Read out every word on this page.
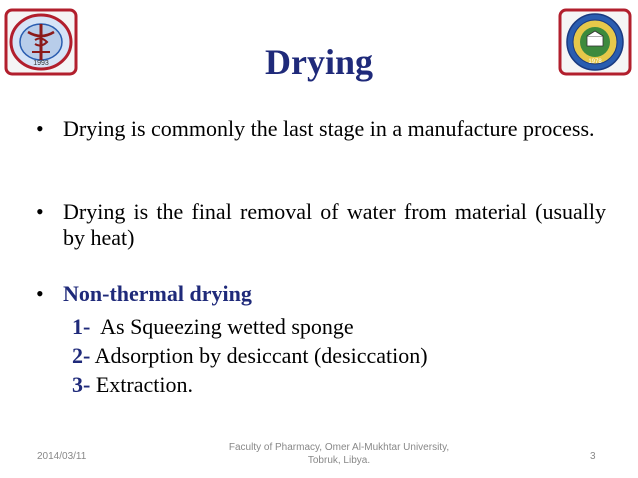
1993	1978
Drying
• Drying is commonly the last stage in a manufacture process.
• Drying is the final removal of water from material (usually by heat)
• Non-thermal drying
1-  As Squeezing wetted sponge
2- Adsorption by desiccant (desiccation)
3- Extraction.
2014/03/11
Faculty of Pharmacy, Omer Al-Mukhtar University,
Tobruk, Libya.	3
